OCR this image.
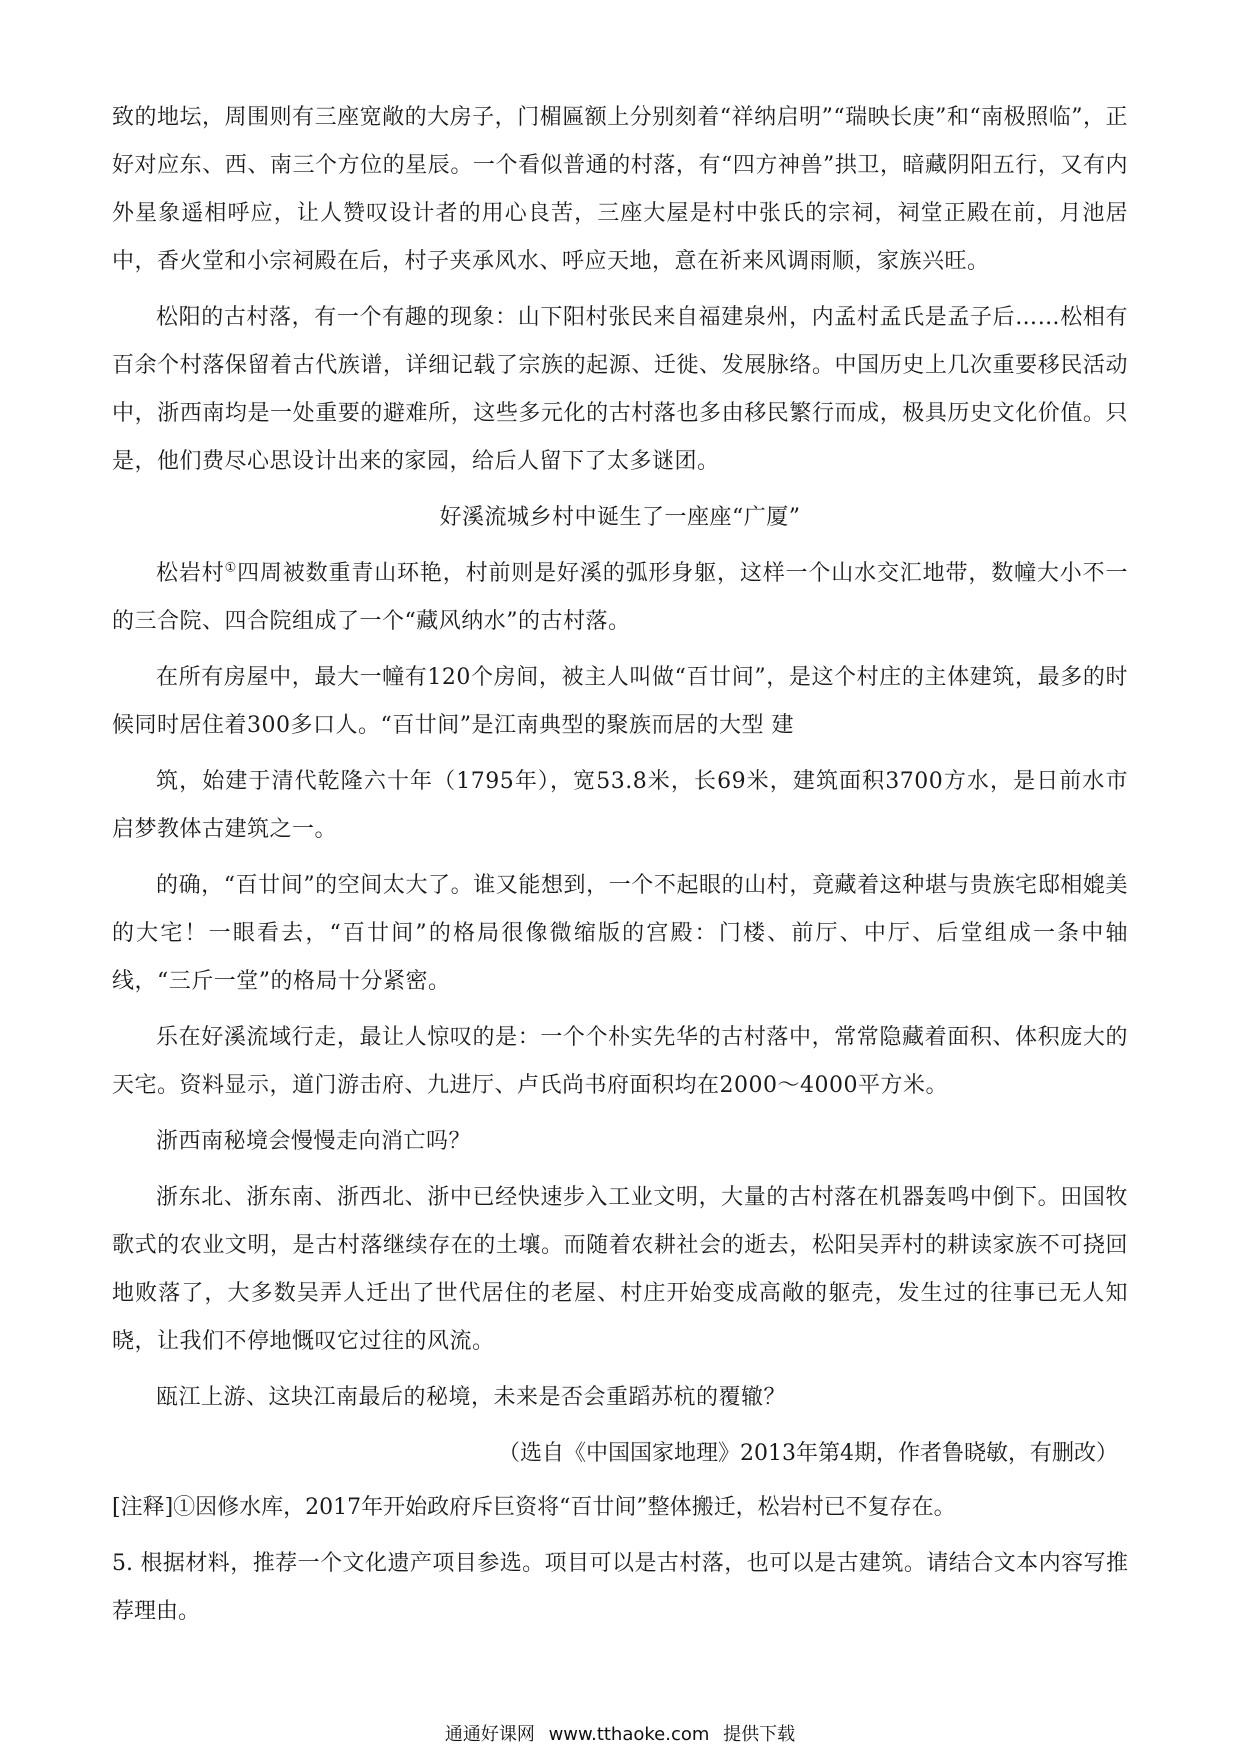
致的地坛，周围则有三座宽敞的大房子，门楣匾额上分别刻着“祥纳启明”“瑞映长庚”和“南极照临”，正好对应东、西、南三个方位的星辰。一个看似普通的村落，有“四方神兽”拱卫，暗藏阴阳五行，又有内外星象遥相呼应，让人赞叹设计者的用心良苦，三座大屋是村中张氏的宗祠，祠堂正殿在前，月池居中，香火堂和小宗祠殿在后，村子夹承风水、呼应天地，意在祈来风调雨顺，家族兴旺。

松阳的古村落，有一个有趣的现象：山下阳村张民来自福建泉州，内孟村孟氏是孟子后……松相有百余个村落保留着古代族谱，详细记载了宗族的起源、迁徙、发展脉络。中国历史上几次重要移民活动中，浙西南均是一处重要的避难所，这些多元化的古村落也多由移民繁行而成，极具历史文化价值。只是，他们费尽心思设计出来的家园，给后人留下了太多谜团。

好溪流城乡村中诞生了一座座“广厦”

松岩村①四周被数重青山环艳，村前则是好溪的弧形身躯，这样一个山水交汇地带，数幢大小不一的三合院、四合院组成了一个“藏风纳水”的古村落。

在所有房屋中，最大一幢有120个房间，被主人叫做“百廿间”，是这个村庄的主体建筑，最多的时候同时居住着300多口人。“百廿间”是江南典型的聚族而居的大型 建

筑，始建于清代乾隆六十年（1795年），宽53.8米，长69米，建筑面积3700方水，是日前水市启梦教体古建筑之一。

的确，“百廿间”的空间太大了。谁又能想到，一个不起眼的山村，竟藏着这种堪与贵族宅邸相媲美的大宅！一眼看去，“百廿间”的格局很像微缩版的宫殿：门楼、前厅、中厅、后堂组成一条中轴线，“三斤一堂”的格局十分紧密。

乐在好溪流域行走，最让人惊叹的是：一个个朴实先华的古村落中，常常隐藏着面积、体积庞大的天宅。资料显示，道门游击府、九进厅、卢氏尚书府面积均在2000～4000平方米。

浙西南秘境会慢慢走向消亡吗？

浙东北、浙东南、浙西北、浙中已经快速步入工业文明，大量的古村落在机器轰鸣中倒下。田国牧歌式的农业文明，是古村落继续存在的土壤。而随着农耕社会的逝去，松阳吴弄村的耕读家族不可挠回地败落了，大多数吴弄人迁出了世代居住的老屋、村庄开始变成高敞的躯壳，发生过的往事已无人知晓，让我们不停地慨叹它过往的风流。

瓯江上游、这块江南最后的秘境，未来是否会重蹈苏杭的覆辙？

（选自《中国国家地理》2013年第4期，作者鲁晓敏，有删改）

[注释]①因修水库，2017年开始政府斥巨资将“百廿间”整体搬迁，松岩村已不复存在。

5. 根据材料，推荐一个文化遗产项目参选。项目可以是古村落，也可以是古建筑。请结合文本内容写推荐理由。

通通好课网 www.tthaoke.com 提供下载
